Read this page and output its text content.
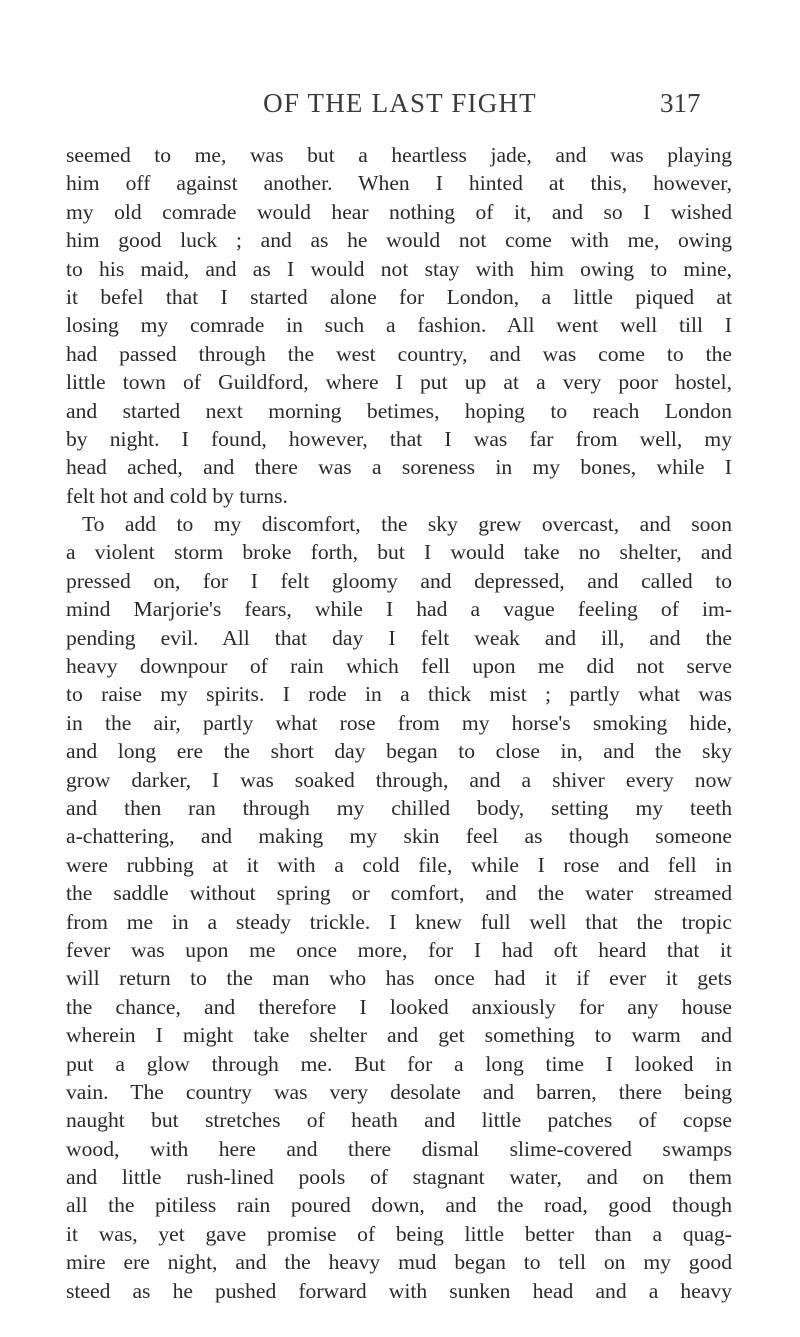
OF THE LAST FIGHT	317
seemed to me, was but a heartless jade, and was playing
him off against another. When I hinted at this, however,
my old comrade would hear nothing of it, and so I wished
him good luck ; and as he would not come with me, owing
to his maid, and as I would not stay with him owing to mine,
it befel that I started alone for London, a little piqued at
losing my comrade in such a fashion. All went well till I
had passed through the west country, and was come to the
little town of Guildford, where I put up at a very poor hostel,
and started next morning betimes, hoping to reach London
by night. I found, however, that I was far from well, my
head ached, and there was a soreness in my bones, while I
felt hot and cold by turns.
To add to my discomfort, the sky grew overcast, and soon
a violent storm broke forth, but I would take no shelter, and
pressed on, for I felt gloomy and depressed, and called to
mind Marjorie's fears, while I had a vague feeling of im-
pending evil. All that day I felt weak and ill, and the
heavy downpour of rain which fell upon me did not serve
to raise my spirits. I rode in a thick mist ; partly what was
in the air, partly what rose from my horse's smoking hide,
and long ere the short day began to close in, and the sky
grow darker, I was soaked through, and a shiver every now
and then ran through my chilled body, setting my teeth
a-chattering, and making my skin feel as though someone
were rubbing at it with a cold file, while I rose and fell in
the saddle without spring or comfort, and the water streamed
from me in a steady trickle. I knew full well that the tropic
fever was upon me once more, for I had oft heard that it
will return to the man who has once had it if ever it gets
the chance, and therefore I looked anxiously for any house
wherein I might take shelter and get something to warm and
put a glow through me. But for a long time I looked in
vain. The country was very desolate and barren, there being
naught but stretches of heath and little patches of copse
wood, with here and there dismal slime-covered swamps
and little rush-lined pools of stagnant water, and on them
all the pitiless rain poured down, and the road, good though
it was, yet gave promise of being little better than a quag-
mire ere night, and the heavy mud began to tell on my good
steed as he pushed forward with sunken head and a heavy
